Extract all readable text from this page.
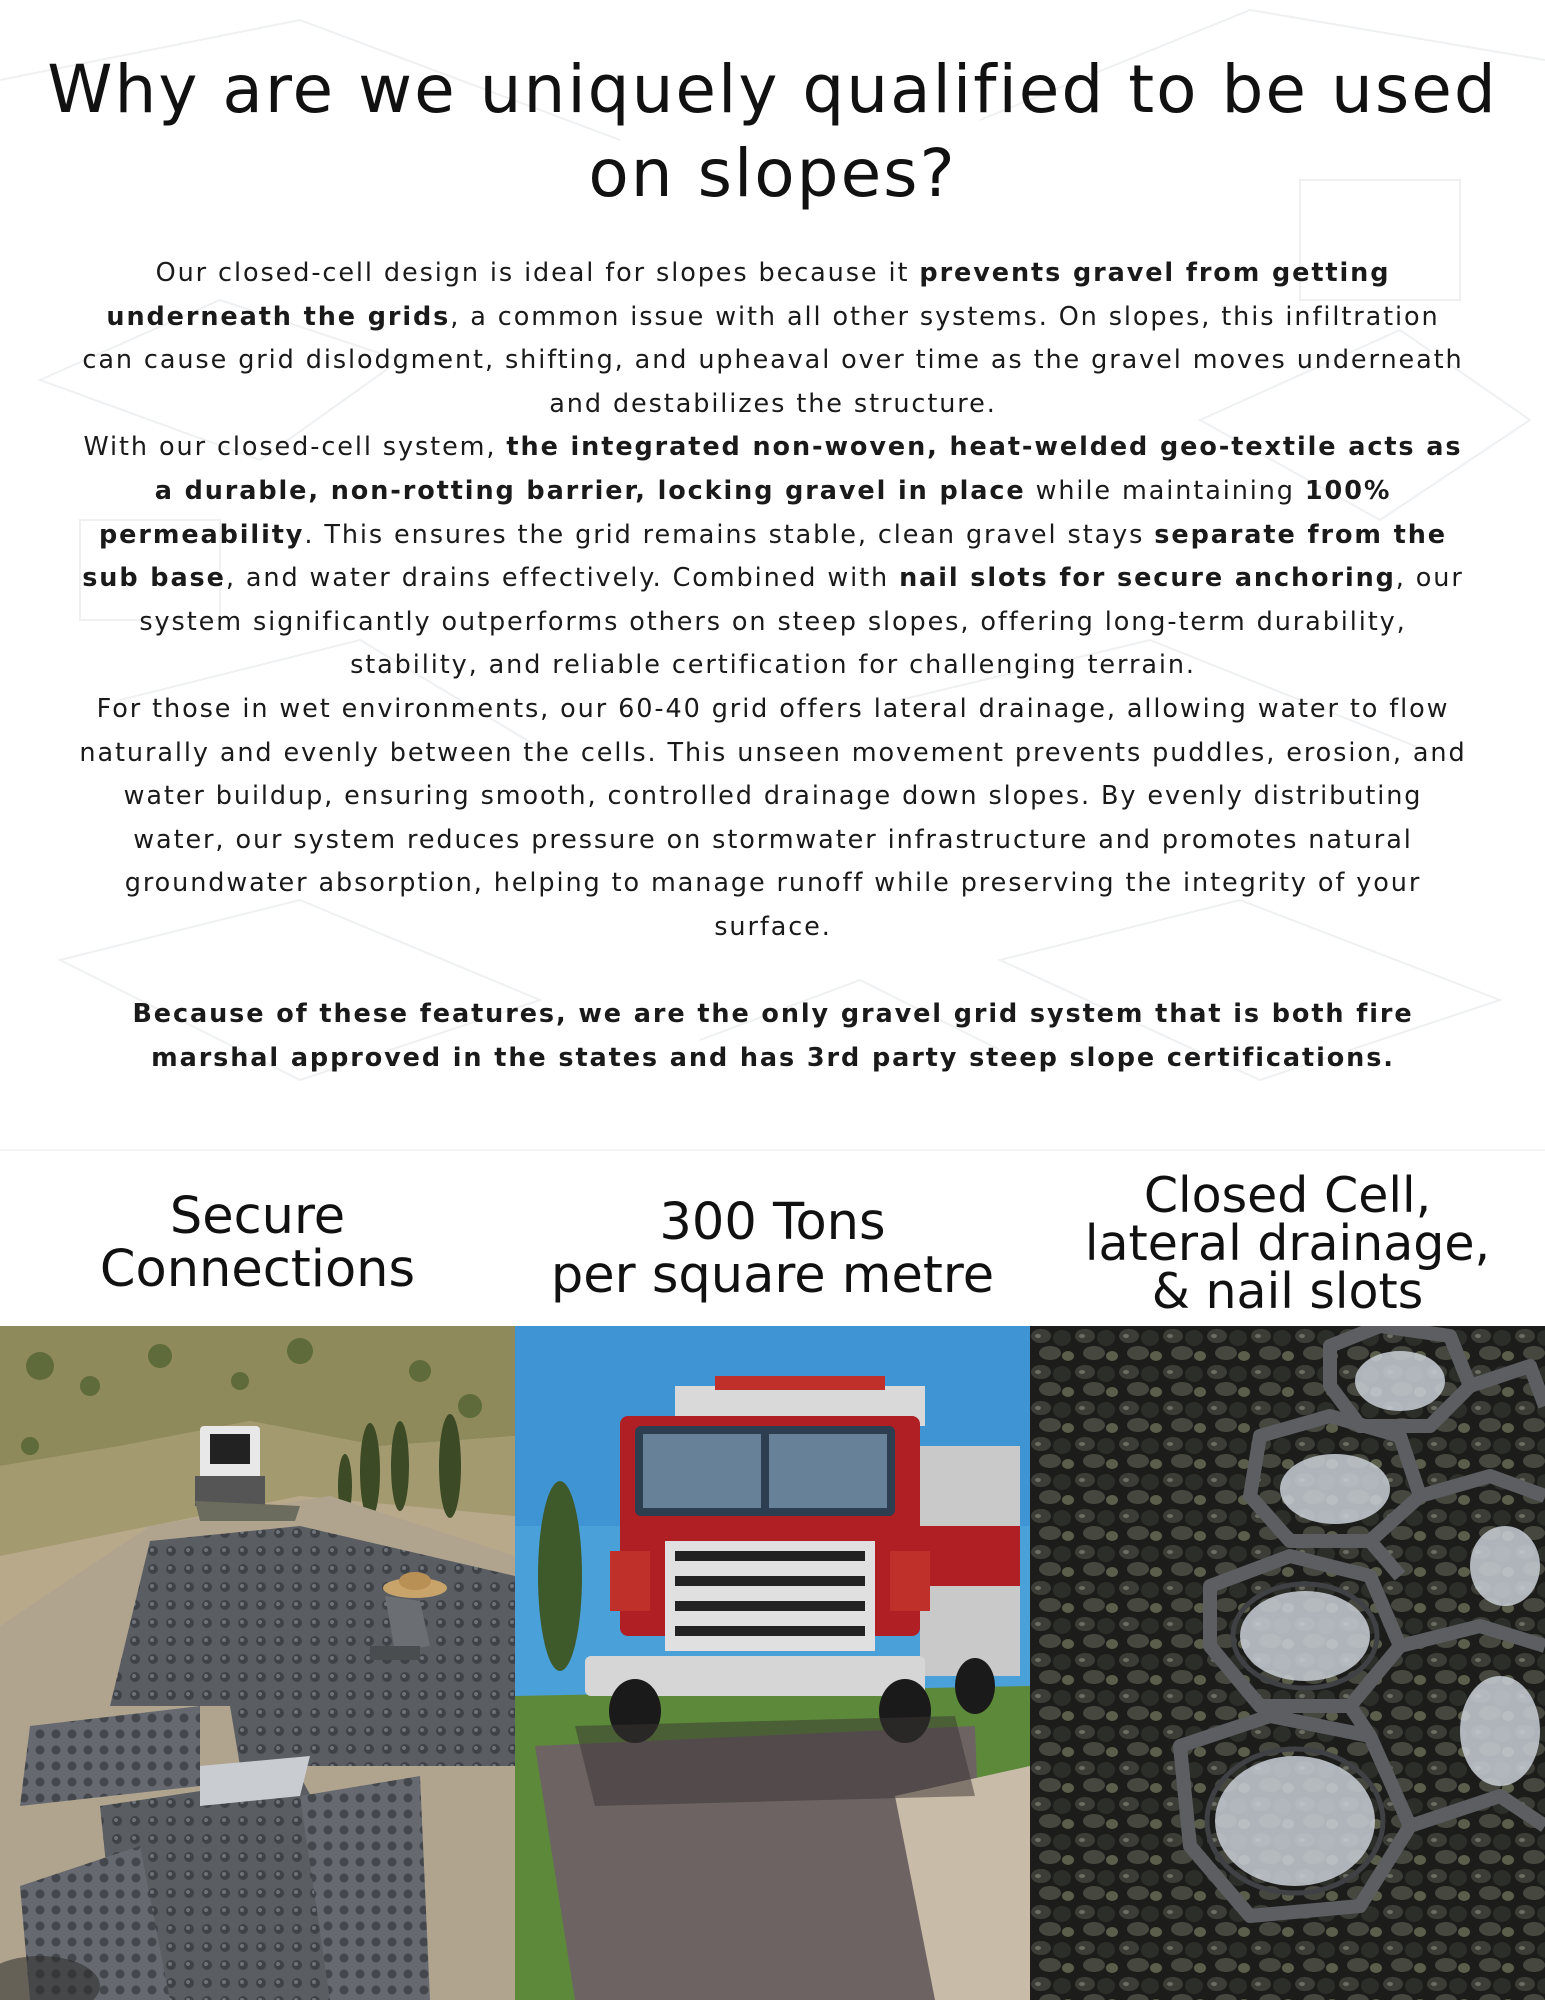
Why are we uniquely qualified to be used on slopes?

Our closed-cell design is ideal for slopes because it prevents gravel from getting underneath the grids, a common issue with all other systems. On slopes, this infiltration can cause grid dislodgment, shifting, and upheaval over time as the gravel moves underneath and destabilizes the structure.

With our closed-cell system, the integrated non-woven, heat-welded geo-textile acts as a durable, non-rotting barrier, locking gravel in place while maintaining 100% permeability. This ensures the grid remains stable, clean gravel stays separate from the sub base, and water drains effectively. Combined with nail slots for secure anchoring, our system significantly outperforms others on steep slopes, offering long-term durability, stability, and reliable certification for challenging terrain.

For those in wet environments, our 60-40 grid offers lateral drainage, allowing water to flow naturally and evenly between the cells. This unseen movement prevents puddles, erosion, and water buildup, ensuring smooth, controlled drainage down slopes. By evenly distributing water, our system reduces pressure on stormwater infrastructure and promotes natural groundwater absorption, helping to manage runoff while preserving the integrity of your surface.

Because of these features, we are the only gravel grid system that is both fire marshal approved in the states and has 3rd party steep slope certifications.

Secure
Connections
300 Tons
per square metre
Closed Cell,
lateral drainage,
& nail slots
